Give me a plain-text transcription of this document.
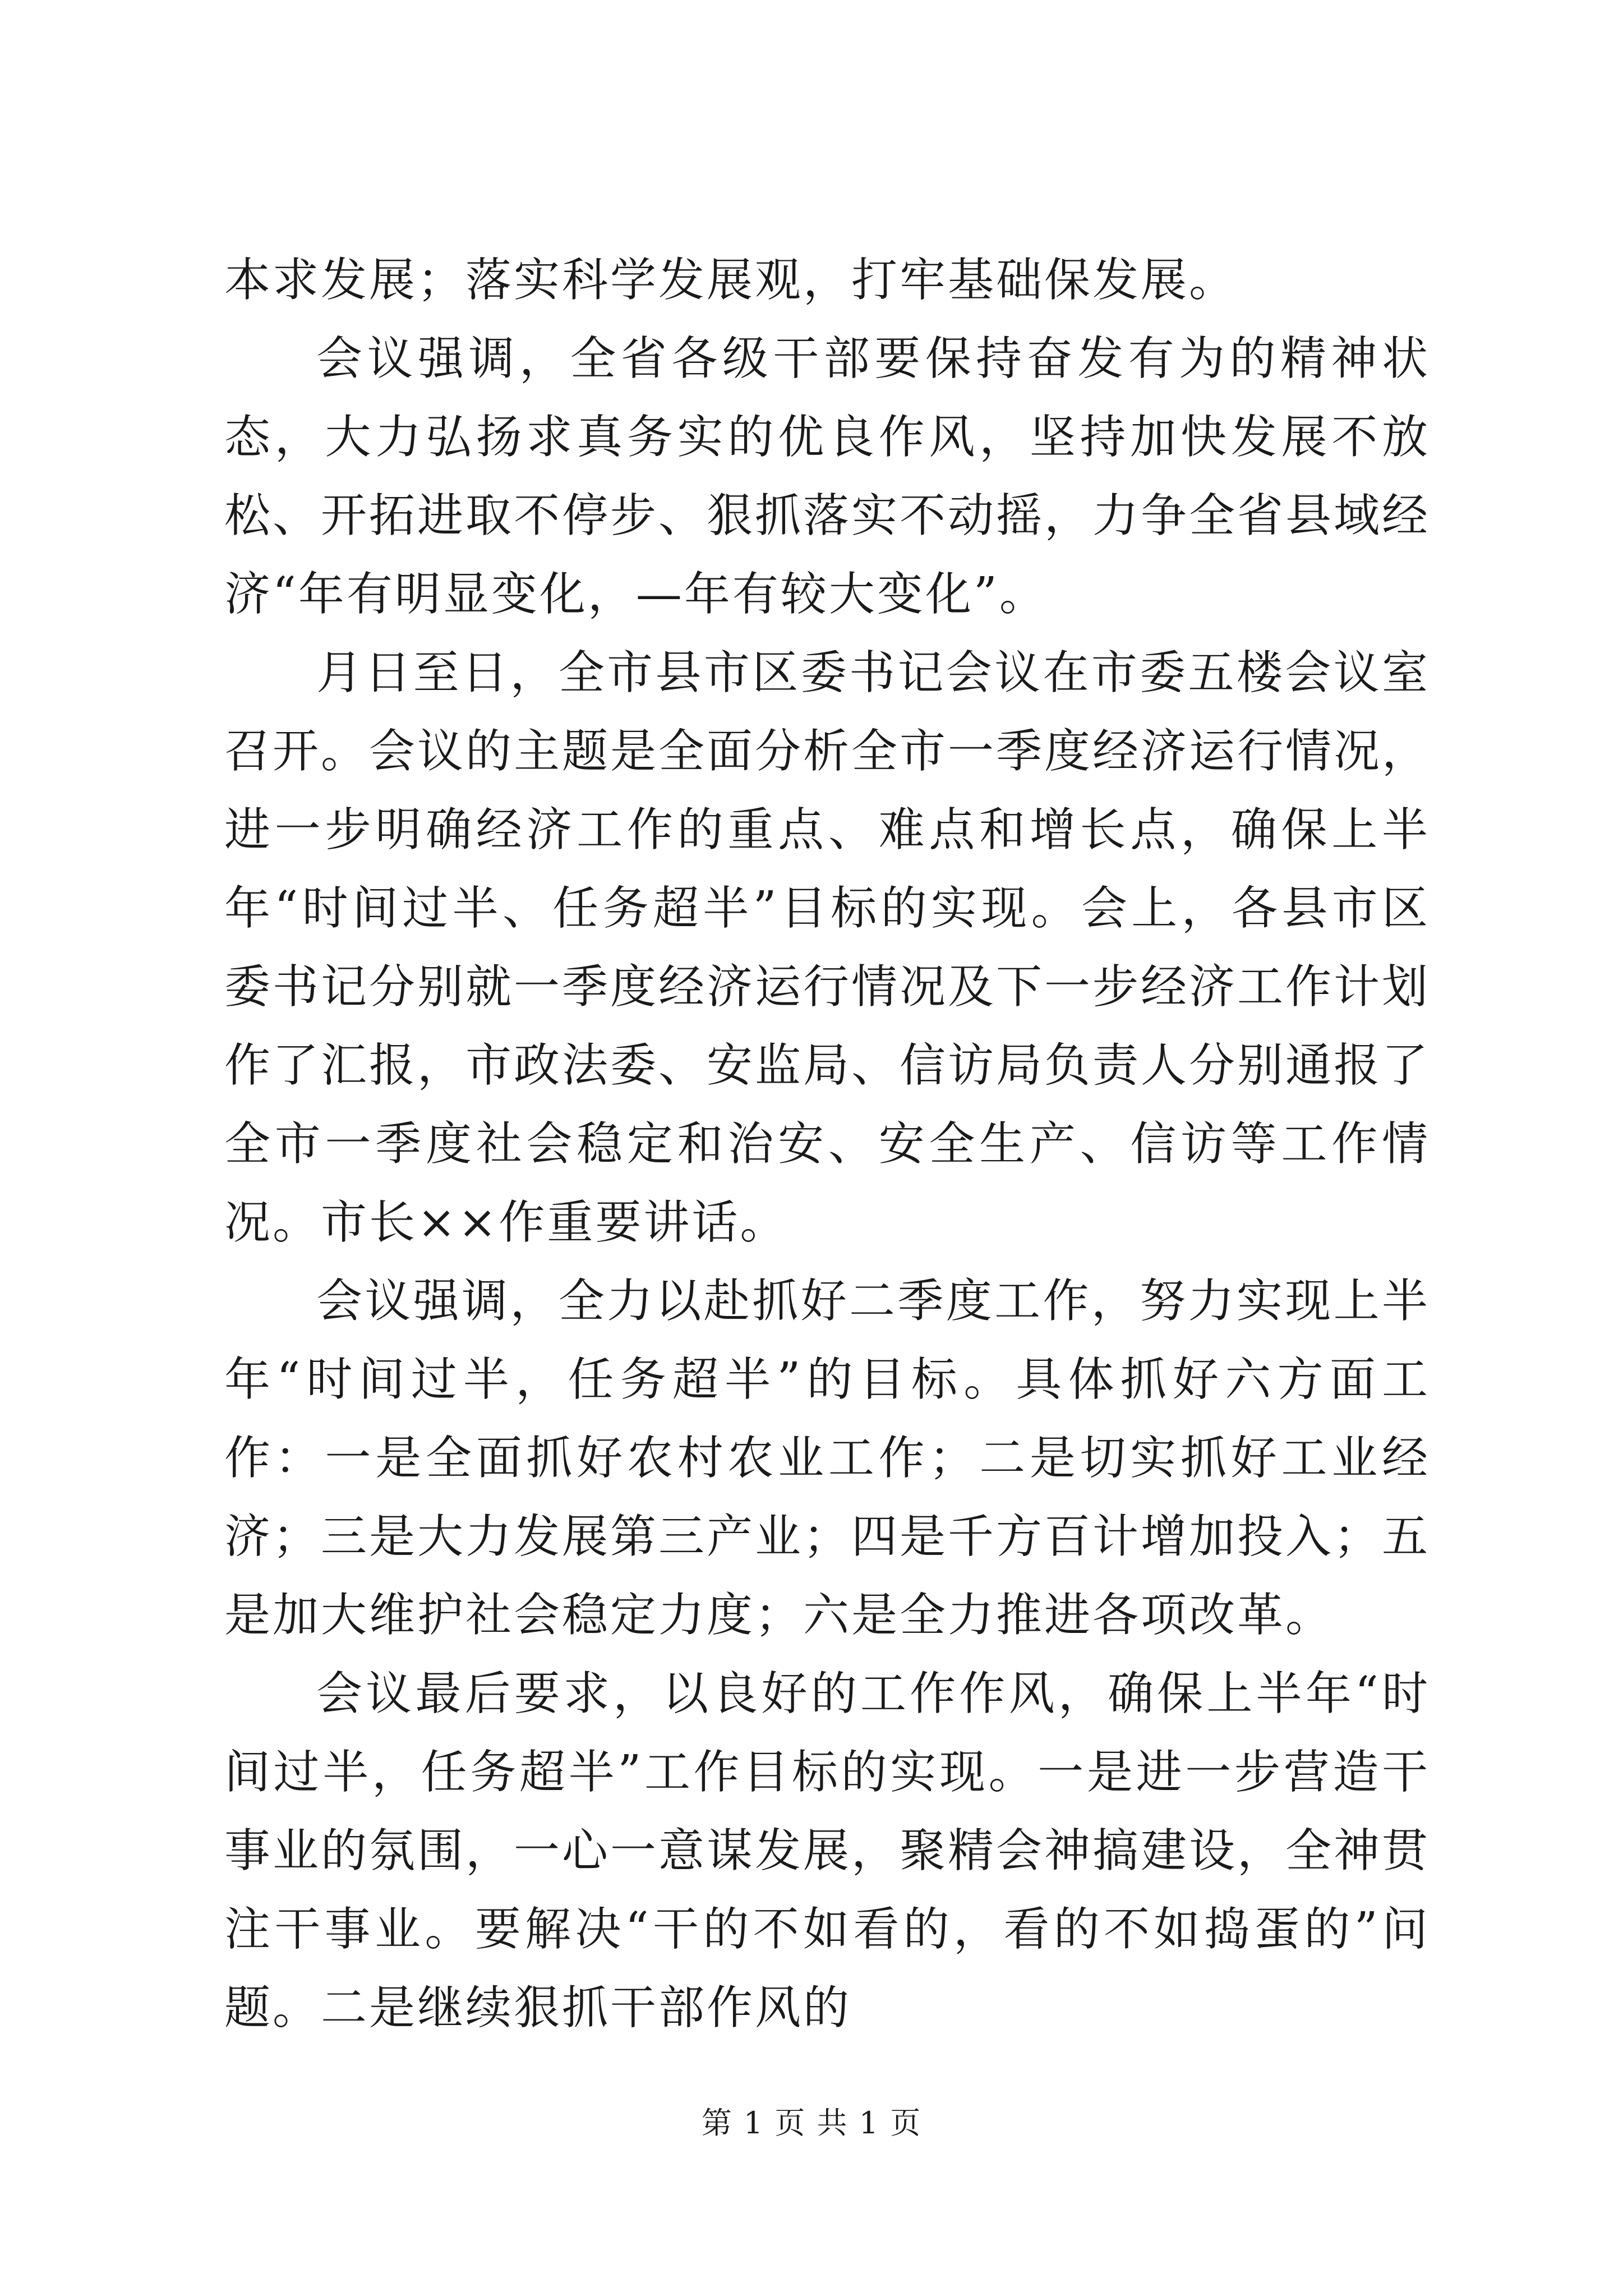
本求发展；落实科学发展观，打牢基础保发展。

会议强调，全省各级干部要保持奋发有为的精神状态，大力弘扬求真务实的优良作风，坚持加快发展不放松、开拓进取不停步、狠抓落实不动摇，力争全省县域经济“年有明显变化，—年有较大变化”。

月日至日，全市县市区委书记会议在市委五楼会议室召开。会议的主题是全面分析全市一季度经济运行情况，进一步明确经济工作的重点、难点和增长点，确保上半年“时间过半、任务超半”目标的实现。会上，各县市区委书记分别就一季度经济运行情况及下一步经济工作计划作了汇报，市政法委、安监局、信访局负责人分别通报了全市一季度社会稳定和治安、安全生产、信访等工作情况。市长××作重要讲话。

会议强调，全力以赴抓好二季度工作，努力实现上半年“时间过半，任务超半”的目标。具体抓好六方面工作：一是全面抓好农村农业工作；二是切实抓好工业经济；三是大力发展第三产业；四是千方百计增加投入；五是加大维护社会稳定力度；六是全力推进各项改革。

会议最后要求，以良好的工作作风，确保上半年“时间过半，任务超半”工作目标的实现。一是进一步营造干事业的氛围，一心一意谋发展，聚精会神搞建设，全神贯注干事业。要解决“干的不如看的，看的不如捣蛋的”问题。二是继续狠抓干部作风的

第 1 页 共 1 页
